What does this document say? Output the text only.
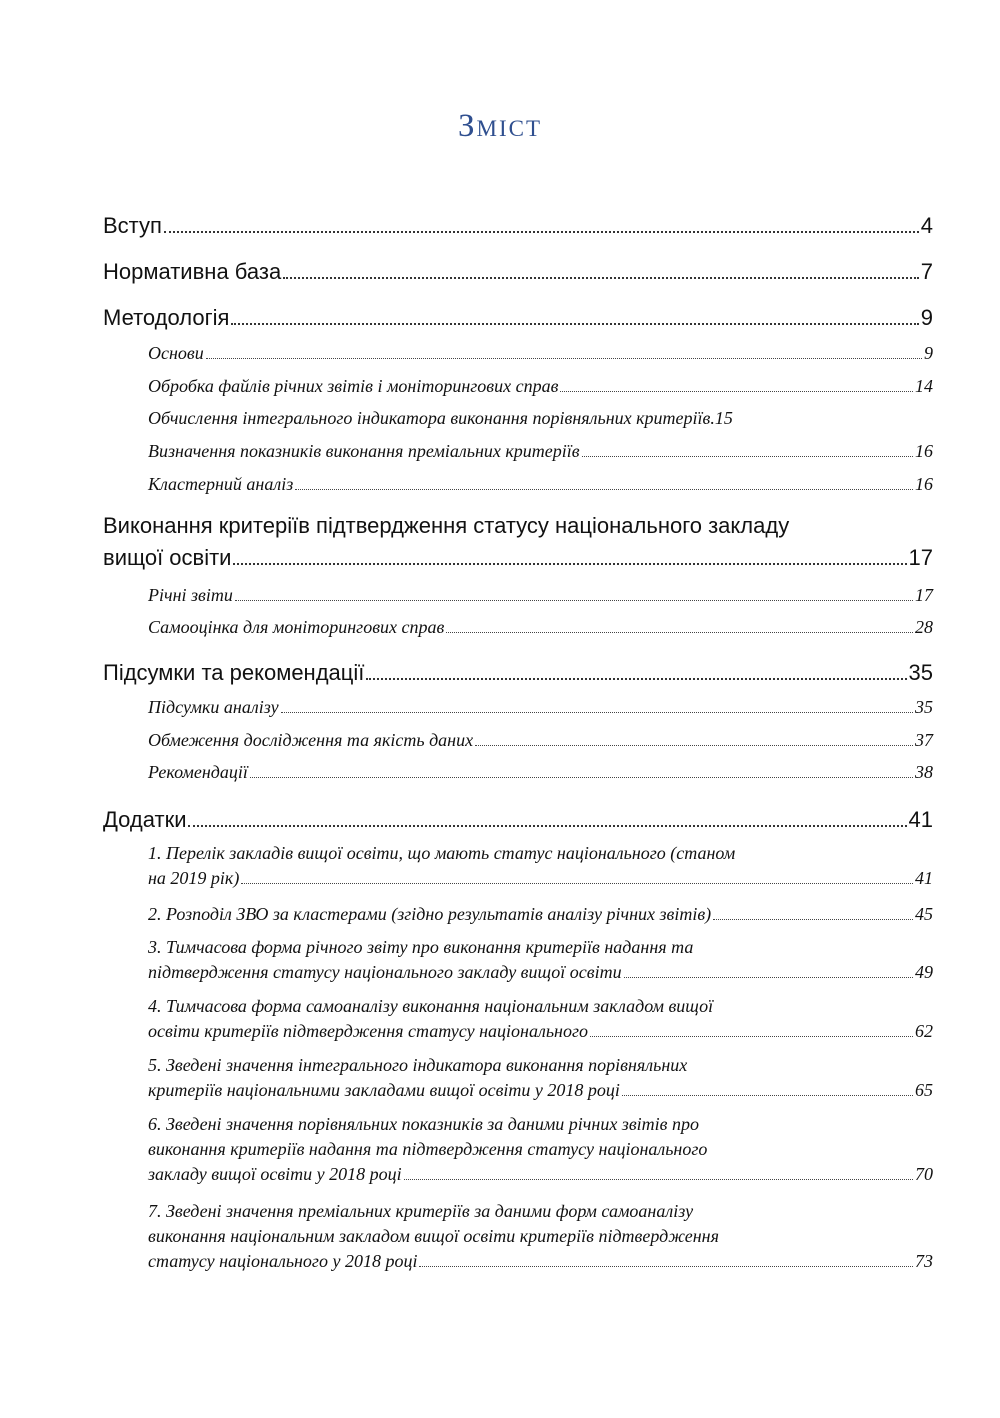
Зміст
Вступ	4
Нормативна база	7
Методологія	9
Основи	9
Обробка файлів річних звітів і моніторингових справ	14
Обчислення інтегрального індикатора виконання порівняльних критеріїв. 15
Визначення показників виконання преміальних критеріїв	16
Кластерний аналіз	16
Виконання критеріїв підтвердження статусу національного закладу
вищої освіти	17
Річні звіти	17
Самооцінка для моніторингових справ	28
Підсумки та рекомендації	35
Підсумки аналізу	35
Обмеження дослідження та якість даних	37
Рекомендації	38
Додатки	41
1. Перелік закладів вищої освіти, що мають статус національного (станом
на 2019 рік)	41
2. Розподіл ЗВО за кластерами (згідно результатів аналізу річних звітів)	45
3. Тимчасова форма річного звіту про виконання критеріїв надання та
підтвердження статусу національного закладу вищої освіти	49
4. Тимчасова форма самоаналізу виконання національним закладом вищої
освіти критеріїв підтвердження статусу національного	62
5. Зведені значення інтегрального індикатора виконання порівняльних
критеріїв національними закладами вищої освіти у 2018 році	65
6. Зведені значення порівняльних показників за даними річних звітів про
виконання критеріїв надання та підтвердження статусу національного
закладу вищої освіти у 2018 році	70
7. Зведені значення преміальних критеріїв за даними форм самоаналізу
виконання національним закладом вищої освіти критеріїв підтвердження
статусу національного у 2018 році	73
